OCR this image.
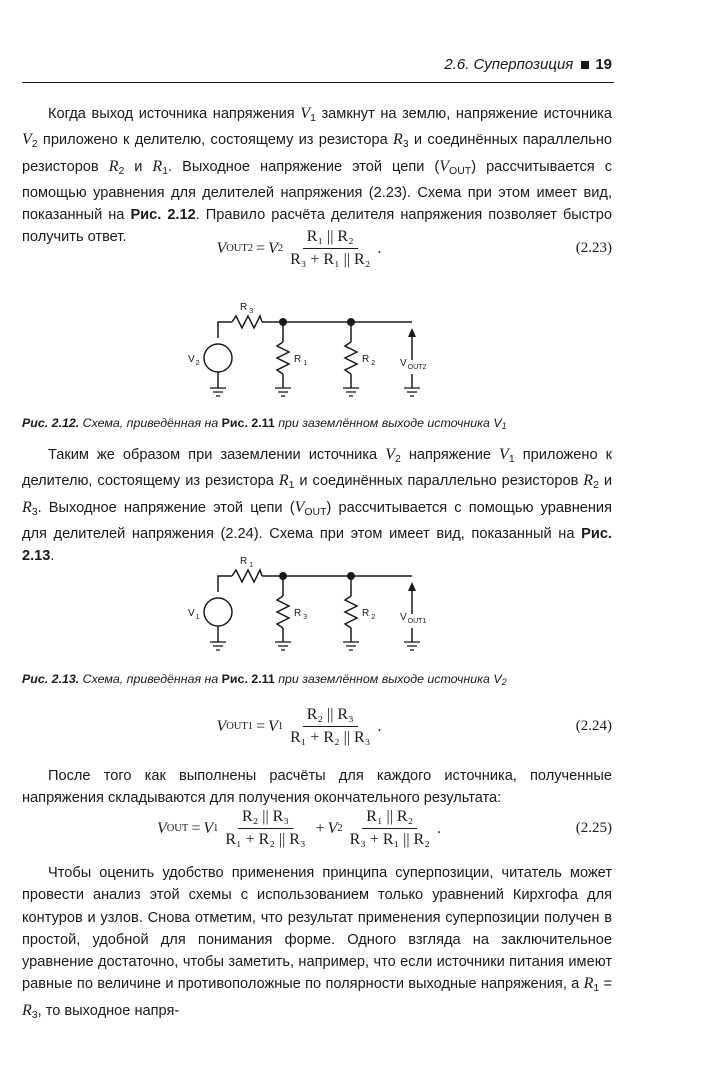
2.6. Суперпозиция 19

Когда выход источника напряжения $V_1$ замкнут на землю, напряжение источника $V_2$ приложено к делителю, состоящему из резистора $R_3$ и соединённых параллельно резисторов $R_2$ и $R_1$. Выходное напряжение этой цепи $(V_{OUT})$ рассчитывается с помощью уравнения для делителей напряжения (2.23). Схема при этом имеет вид, показанный на Рис. 2.12. Правило расчёта делителя напряжения позволяет быстро получить ответ.

V OUT2 = V $2 \frac{\text{R₁ || R₂}}{\text{R₃ + R₁ || R₂}}$ .	(2.23)
R $_3$
$V_2$	R $_1$	R $_2$ $V_{OUT2}$
Рис. 2.12. Схема, приведённая на Рис. 2.11 при заземлённом выходе источника $V_1$

Таким же образом при заземлении источника $V_2$ напряжение $V_1$ приложено к делителю, состоящему из резистора $R_1$ и соединённых параллельно резисторов $R_2$ и $R_3$. Выходное напряжение этой цепи $(V_{OUT})$ рассчитывается с помощью уравнения для делителей напряжения (2.24). Схема при этом имеет вид, показанный на Рис. 2.13.	R $_1$
$V_1$	R $_3$	R $_2$ $V_{OUT1}$
Рис. 2.13. Схема, приведённая на Рис. 2.11 при заземлённом выходе источника $V_2$
V OUT1 = V $1 \frac{\text{R₂ || R₃}}{\text{R₁ + R₂ || R₃}}$ .	(2.24)

После того как выполнены расчёты для каждого источника, полученные напряжения складываются для получения окончательного результата:

V OUT = V $1 \frac{\text{R₂ || R₃}}{\text{R₁ + R₂ || R₃}} + V$ $2 \frac{\text{R₁ || R₂}}{\text{R₃ + R₁ || R₂}}$ .	(2.25)

Чтобы оценить удобство применения принципа суперпозиции, читатель может провести анализ этой схемы с использованием только уравнений Кирхгофа для контуров и узлов. Снова отметим, что результат применения суперпозиции получен в простой, удобной для понимания форме. Одного взгляда на заключительное уравнение достаточно, чтобы заметить, например, что если источники питания имеют равные по величине и противоположные по полярности выходные напряжения, а $R_1 = R_3$, то выходное напря-
